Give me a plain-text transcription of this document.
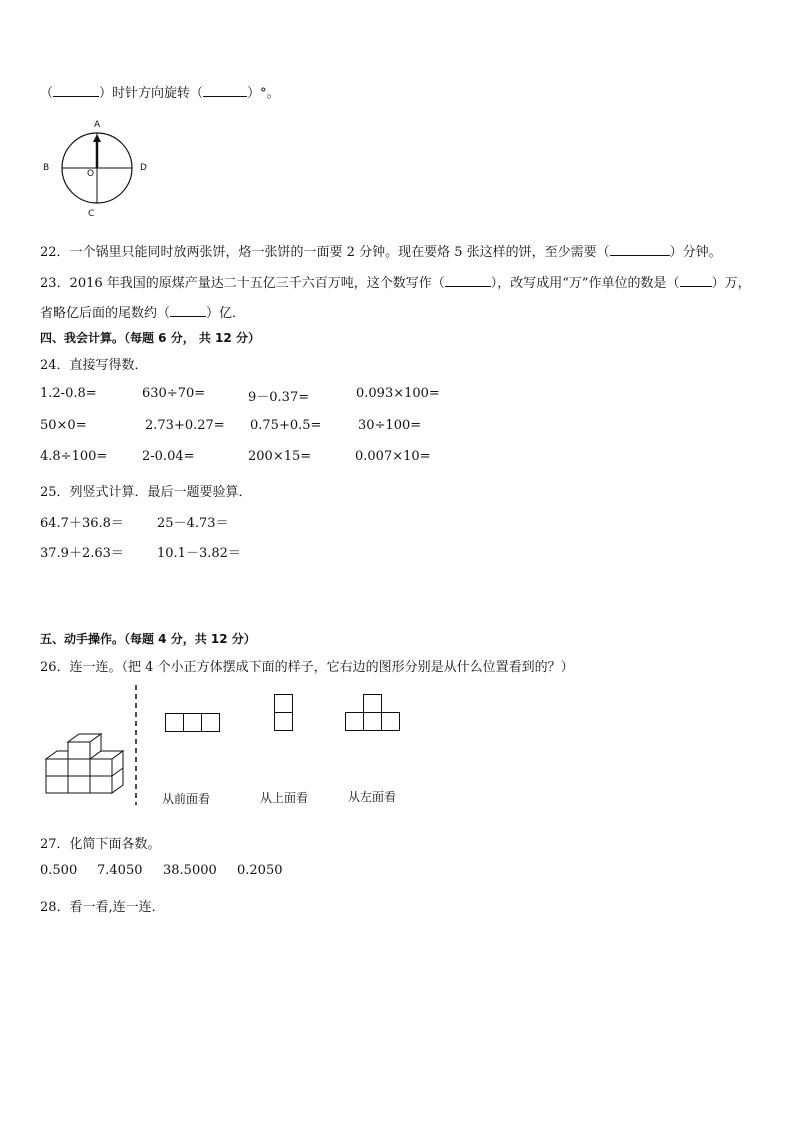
（	）时针方向旋转（	）°。
A
B	D
C
O
22．一个锅里只能同时放两张饼，烙一张饼的一面要 2 分钟。现在要烙 5 张这样的饼，至少需要（	）分钟。
23．2016 年我国的原煤产量达二十五亿三千六百万吨，这个数写作（	），改写成用“万”作单位的数是（ ）万，
省略亿后面的尾数约（	）亿．
四、我会计算。（每题 6 分， 共 12 分）
24．直接写得数．
1.2-0.8=	630÷70=	9－0.37=	0.093×100=
50×0=	2.73+0.27= 0.75+0.5=	30÷100=
4.8÷100=	2-0.04=	200×15=	0.007×10=
25．列竖式计算．最后一题要验算．
64.7＋36.8＝	25－4.73＝
37.9＋2.63＝	10.1－3.82＝
五、动手操作。（每题 4 分，共 12 分）
26．连一连。（把 4 个小正方体摆成下面的样子，它右边的图形分别是从什么位置看到的？）
从前面看	从上面看	从左面看
27．化简下面各数。
0.500 7.4050 38.5000 0.2050
28．看一看,连一连．
